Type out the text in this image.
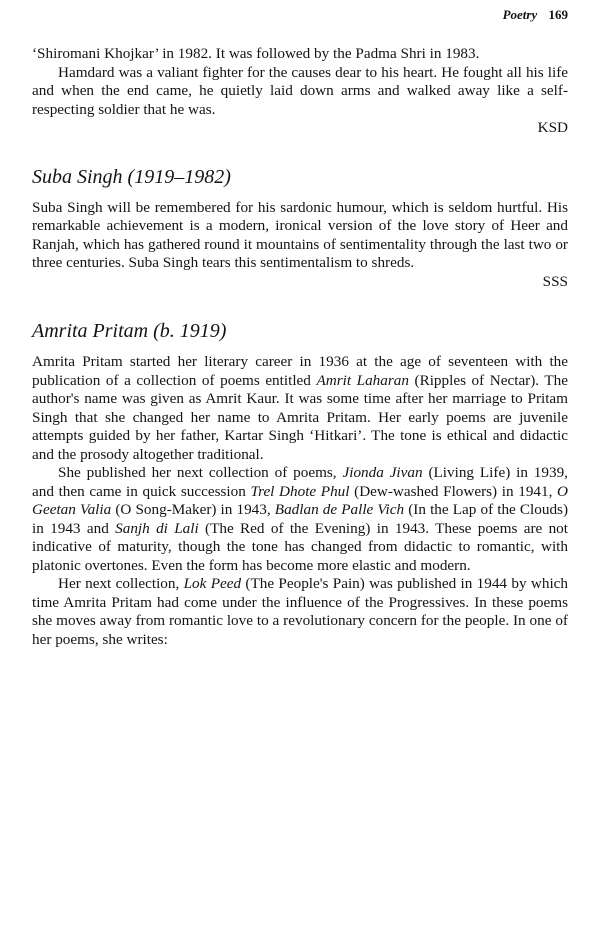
Poetry 169

‘Shiromani Khojkar’ in 1982. It was followed by the Padma Shri in 1983.

Hamdard was a valiant fighter for the causes dear to his heart. He fought all his life and when the end came, he quietly laid down arms and walked away like a self-respecting soldier that he was.

KSD

Suba Singh (1919–1982)

Suba Singh will be remembered for his sardonic humour, which is seldom hurtful. His remarkable achievement is a modern, ironical version of the love story of Heer and Ranjah, which has gathered round it mountains of sentimentality through the last two or three centuries. Suba Singh tears this sentimentalism to shreds.

SSS

Amrita Pritam (b. 1919)

Amrita Pritam started her literary career in 1936 at the age of seventeen with the publication of a collection of poems entitled Amrit Laharan (Ripples of Nectar). The author's name was given as Amrit Kaur. It was some time after her marriage to Pritam Singh that she changed her name to Amrita Pritam. Her early poems are juvenile attempts guided by her father, Kartar Singh ‘Hitkari’. The tone is ethical and didactic and the prosody altogether traditional.

She published her next collection of poems, Jionda Jivan (Living Life) in 1939, and then came in quick succession Trel Dhote Phul (Dew-washed Flowers) in 1941, O Geetan Valia (O Song-Maker) in 1943, Badlan de Palle Vich (In the Lap of the Clouds) in 1943 and Sanjh di Lali (The Red of the Evening) in 1943. These poems are not indicative of maturity, though the tone has changed from didactic to romantic, with platonic overtones. Even the form has become more elastic and modern.

Her next collection, Lok Peed (The People's Pain) was published in 1944 by which time Amrita Pritam had come under the influence of the Progressives. In these poems she moves away from romantic love to a revolutionary concern for the people. In one of her poems, she writes:
